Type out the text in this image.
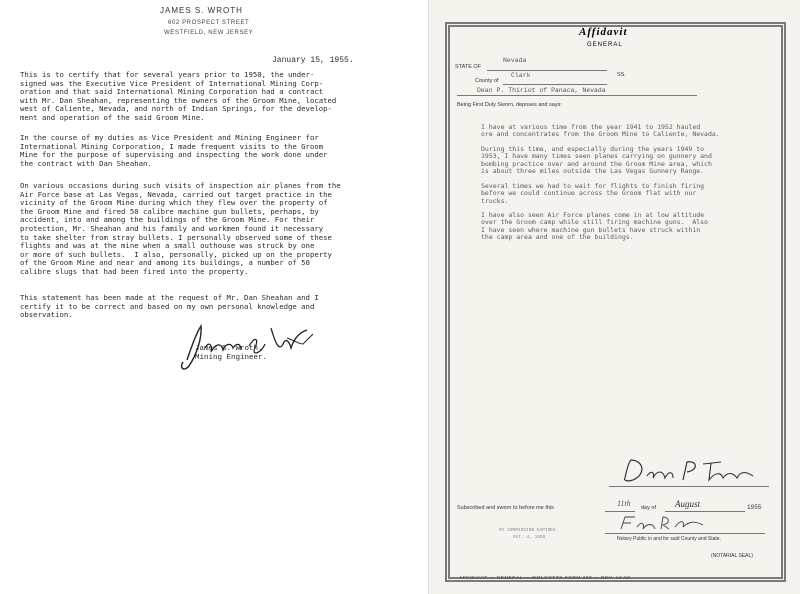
JAMES S. WROTH
602 PROSPECT STREET
WESTFIELD, NEW JERSEY
January 15, 1955.
This is to certify that for several years prior to 1950, the under-
signed was the Executive Vice President of International Mining Corp-
oration and that said International Mining Corporation had a contract
with Mr. Dan Sheahan, representing the owners of the Groom Mine, located
west of Caliente, Nevada, and north of Indian Springs, for the develop-
ment and operation of the said Groom Mine.
In the course of my duties as Vice President and Mining Engineer for
International Mining Corporation, I made frequent visits to the Groom
Mine for the purpose of supervising and inspecting the work done under
the contract with Dan Sheahan.
On various occasions during such visits of inspection air planes from the
Air Force base at Las Vegas, Nevada, carried out target practice in the
vicinity of the Groom Mine during which they flew over the property of
the Groom Mine and fired 50 calibre machine gun bullets, perhaps, by
accident, into and among the buildings of the Groom Mine. For their
protection, Mr. Sheahan and his family and workmen found it necessary
to take shelter from stray bullets. I personally observed some of these
flights and was at the mine when a small outhouse was struck by one
or more of such bullets.  I also, personally, picked up on the property
of the Groom Mine and near and among its buildings, a number of 50
calibre slugs that had been fired into the property.
This statement has been made at the request of Mr. Dan Sheahan and I
certify it to be correct and based on my own personal knowledge and
observation.
James S. Wroth.
Mining Engineer.
Affidavit
GENERAL
STATE OF
Nevada
County of
Clark	SS.
Dean P. Thiriot of Panaca, Nevada
Being First Duly Sworn, deposes and says:
I have at various time from the year 1941 to 1952 hauled
ore and concentrates from the Groom Mine to Caliente, Nevada.
During this time, and especially during the years 1949 to
1953, I have many times seen planes carrying on gunnery and
bombing practice over and around the Groom Mine area, which
is about three miles outside the Las Vegas Gunnery Range.
Several times we had to wait for flights to finish firing
before we could continue across the Groom flat with our
trucks.
I have also seen Air Force planes come in at low altitude
over the Groom camp while still firing machine guns.  Also
I have seen where machine gun bullets have struck within
the camp area and one of the buildings.
Subscribed and sworn to before me this	11th day of August	1955
MY COMMISSION EXPIRES
Oct. 4, 1955	Notary Public in and for said County and State.
(NOTARIAL SEAL)
AFFIDAVIT — GENERAL — WOLCOTTS FORM 290 — REV. 12-50
